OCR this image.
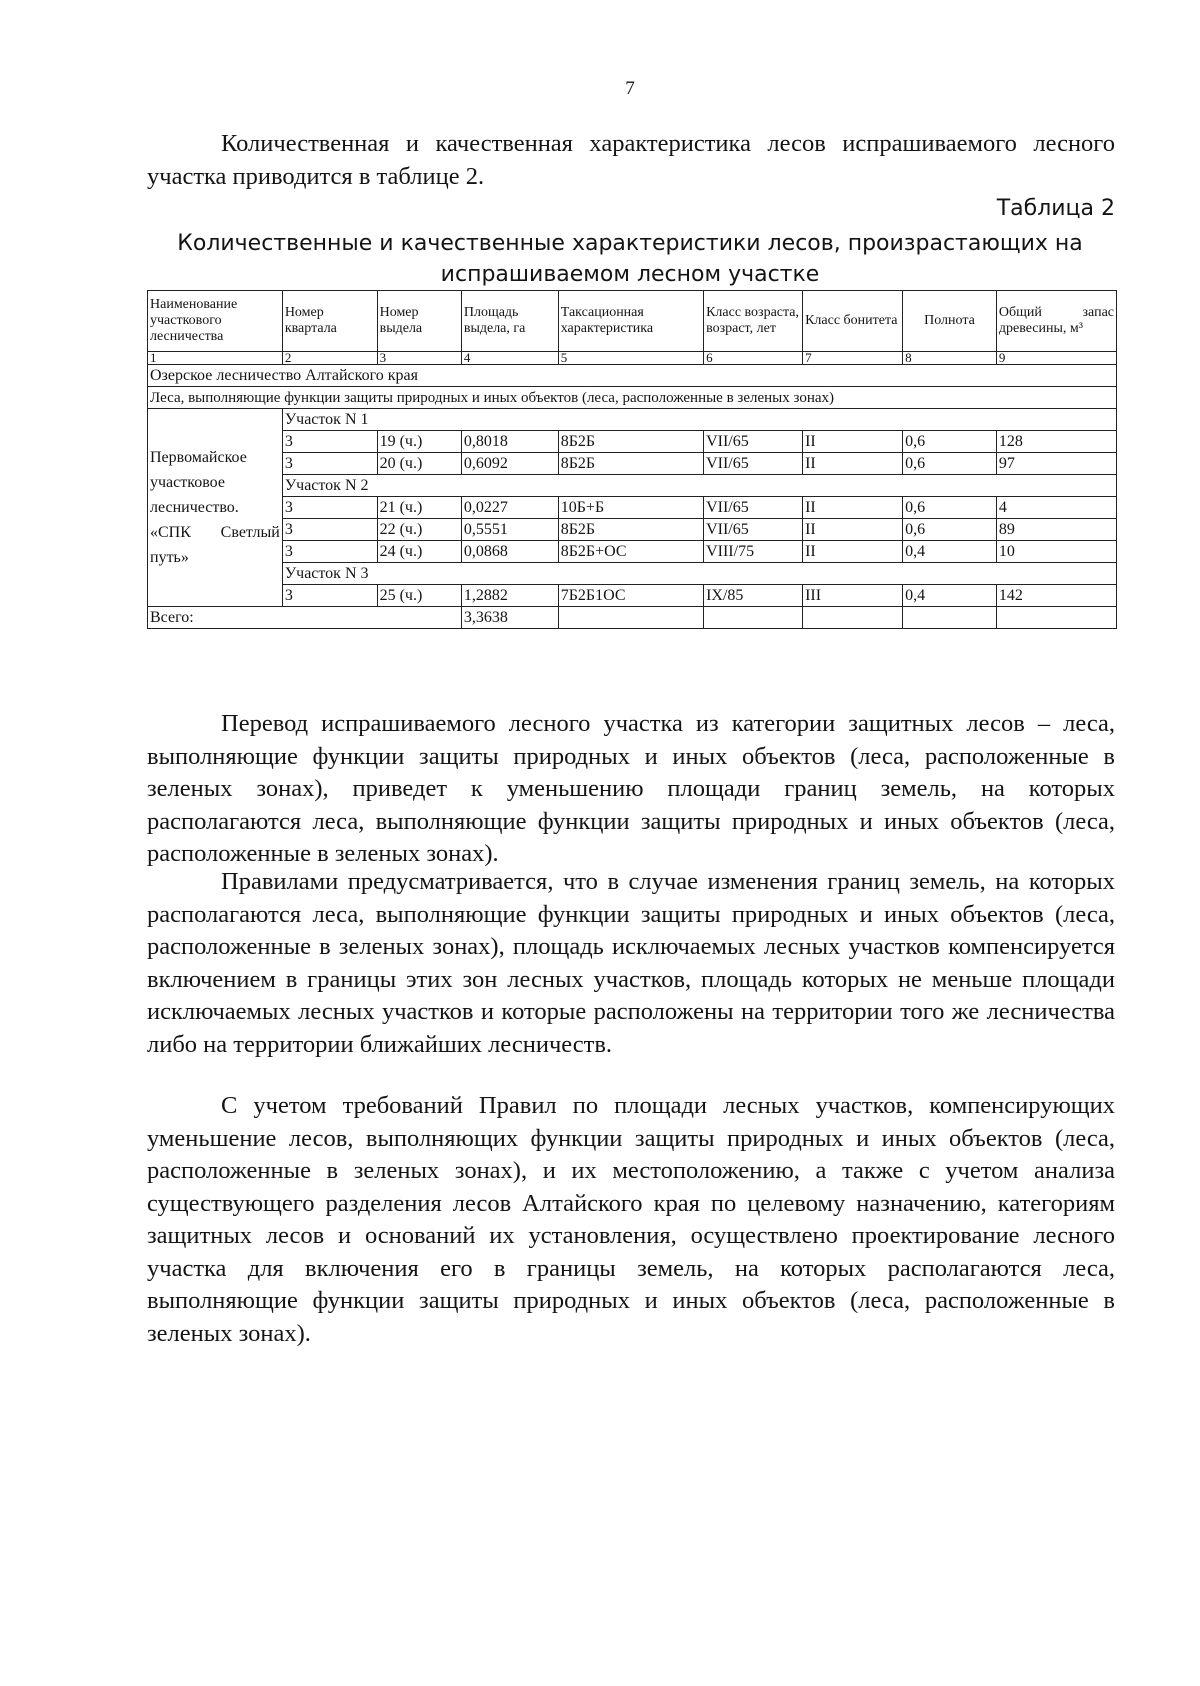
7

Количественная и качественная характеристика лесов испрашиваемого лесного участка приводится в таблице 2.

Таблица 2

Количественные и качественные характеристики лесов, произрастающих на испрашиваемом лесном участке

Наименование участкового лесничества	Номер квартала	Номер выдела	Площадь выдела, га	Таксационная характеристика	Класс возраста, возраст, лет	Класс бонитета	Полнота	Общий запас древесины, м³
1	2	3	4	5	6	7	8	9
Озерское лесничество Алтайского края								
Леса, выполняющие функции защиты природных и иных объектов (леса, расположенные в зеленых зонах)								
Первомайское участковое лесничество. «СПК Светлый путь»	Участок N 1							
	3	19 (ч.)	0,8018	8Б2Б	VII/65	II	0,6	128
	3	20 (ч.)	0,6092	8Б2Б	VII/65	II	0,6	97
	Участок N 2							
	3	21 (ч.)	0,0227	10Б+Б	VII/65	II	0,6	4
	3	22 (ч.)	0,5551	8Б2Б	VII/65	II	0,6	89
	3	24 (ч.)	0,0868	8Б2Б+ОС	VIII/75	II	0,4	10
	Участок N 3							
	3	25 (ч.)	1,2882	7Б2Б1ОС	IX/85	III	0,4	142
Всего:			3,3638					

Перевод испрашиваемого лесного участка из категории защитных лесов – леса, выполняющие функции защиты природных и иных объектов (леса, расположенные в зеленых зонах), приведет к уменьшению площади границ земель, на которых располагаются леса, выполняющие функции защиты природных и иных объектов (леса, расположенные в зеленых зонах).

Правилами предусматривается, что в случае изменения границ земель, на которых располагаются леса, выполняющие функции защиты природных и иных объектов (леса, расположенные в зеленых зонах), площадь исключаемых лесных участков компенсируется включением в границы этих зон лесных участков, площадь которых не меньше площади исключаемых лесных участков и которые расположены на территории того же лесничества либо на территории ближайших лесничеств.

С учетом требований Правил по площади лесных участков, компенсирующих уменьшение лесов, выполняющих функции защиты природных и иных объектов (леса, расположенные в зеленых зонах), и их местоположению, а также с учетом анализа существующего разделения лесов Алтайского края по целевому назначению, категориям защитных лесов и оснований их установления, осуществлено проектирование лесного участка для включения его в границы земель, на которых располагаются леса, выполняющие функции защиты природных и иных объектов (леса, расположенные в зеленых зонах).
